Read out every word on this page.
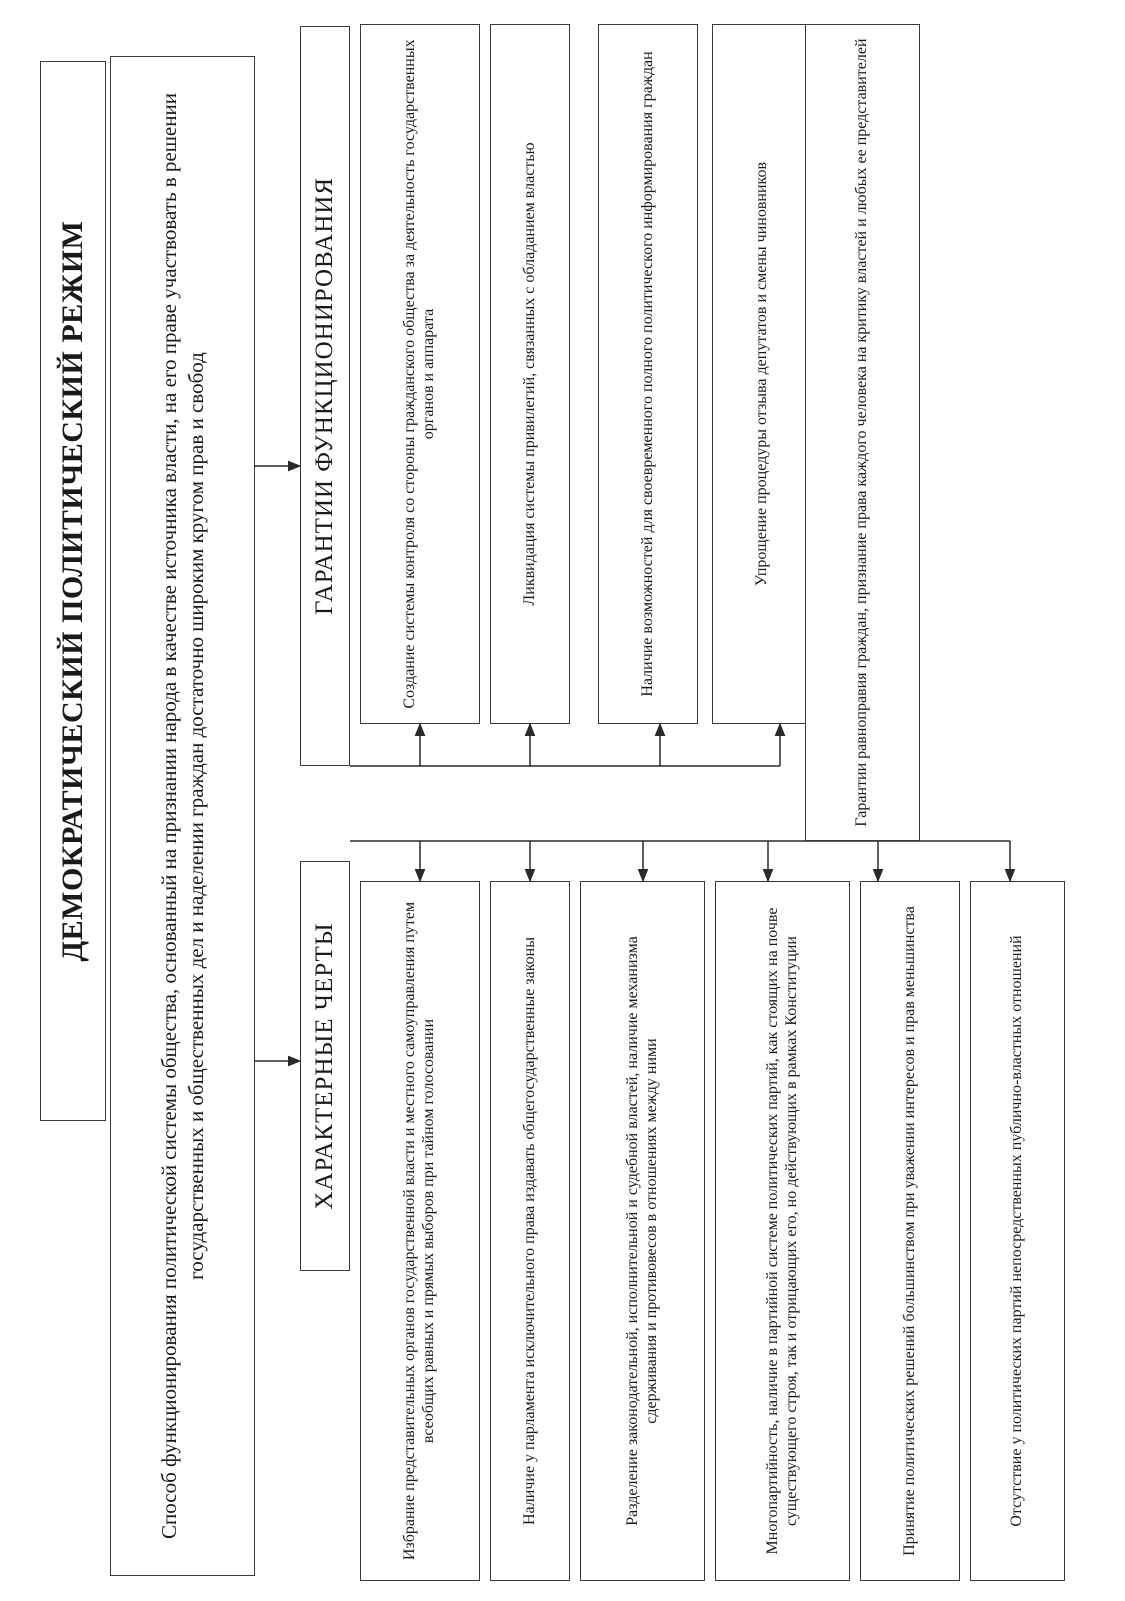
ДЕМОКРАТИЧЕСКИЙ ПОЛИТИЧЕСКИЙ РЕЖИМ	Способ функционирования политической системы общества, основанный на признании народа в качестве источника власти, на его праве участвовать в решении государственных и общественных дел и наделении граждан достаточно широким кругом прав и свобод	ХАРАКТЕРНЫЕ ЧЕРТЫ
ГАРАНТИИ ФУНКЦИОНИРОВАНИЯ
Избрание представительных органов государственной власти и местного самоуправления путем всеобщих равных и прямых выборов при тайном голосовании	Наличие у парламента исключительного права издавать общегосударственные законы	Разделение законодательной, исполнительной и судебной властей, наличие механизма сдерживания и противовесов в отношениях между ними	Многопартийность, наличие в партийной системе политических партий, как стоящих на почве существующего строя, так и отрицающих его, но действующих в рамках Конституции	Принятие политических решений большинством при уважении интересов и прав меньшинства	Отсутствие у политических партий непосредственных публично-властных отношений
Создание системы контроля со стороны гражданского общества за деятельность государственных органов и аппарата	Ликвидация системы привилегий, связанных с обладанием властью	Наличие возможностей для своевременного полного политического информирования граждан	Упрощение процедуры отзыва депутатов и смены чиновников	Гарантии равноправия граждан, признание права каждого человека на критику властей и любых ее представителей
